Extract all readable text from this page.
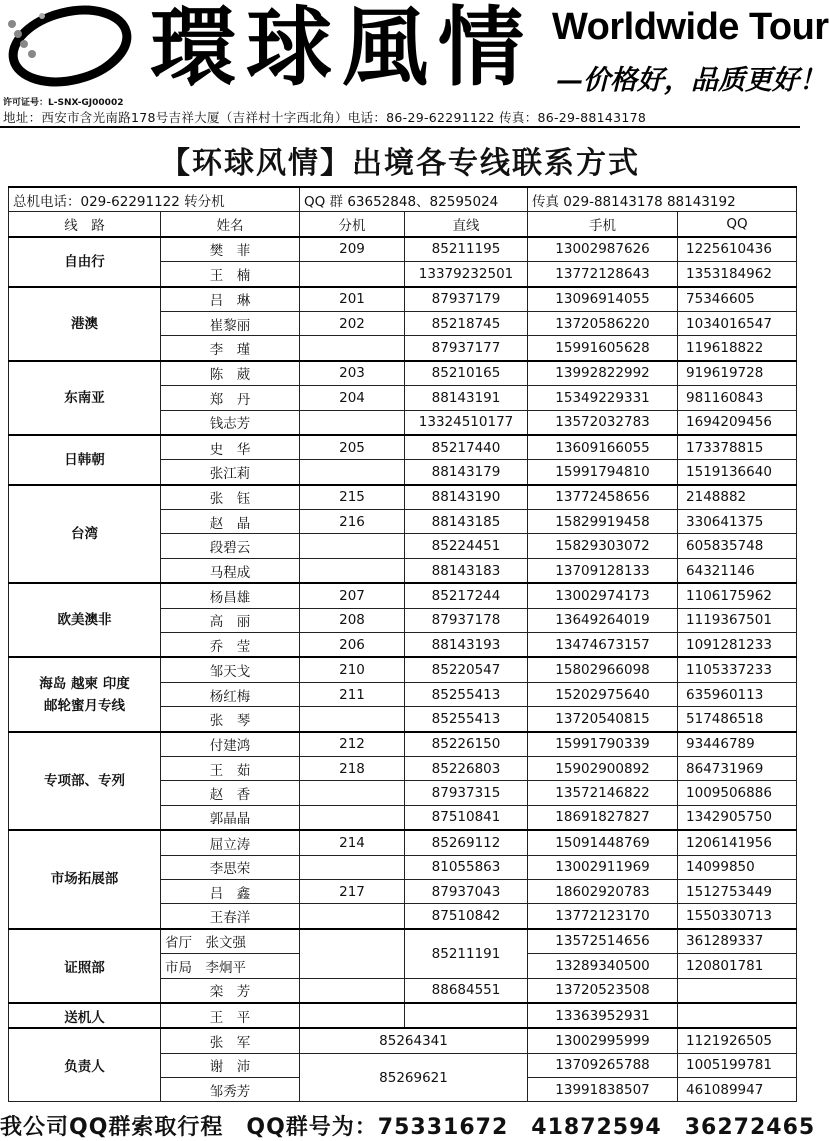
環球風情 Worldwide Tour
—价格好，品质更好！
许可证号：L-SNX-GJ00002
地址：西安市含光南路178号吉祥大厦（吉祥村十字西北角）电话：86-29-62291122 传真：86-29-88143178
【环球风情】出境各专线联系方式
总机电话：029-62291122 转分机		QQ 群 63652848、82595024		传真 029-88143178 88143192	
线　路	姓名	分机	直线	手机	QQ
自由行	樊　菲	209	85211195	13002987626	1225610436
	王　楠		13379232501	13772128643	1353184962
港澳	吕　琳	201	87937179	13096914055	75346605
	崔黎丽	202	85218745	13720586220	1034016547
	李　瑾		87937177	15991605628	119618822
东南亚	陈　葳	203	85210165	13992822992	919619728
	郑　丹	204	88143191	15349229331	981160843
	钱志芳		13324510177	13572032783	1694209456
日韩朝	史　华	205	85217440	13609166055	173378815
	张江莉		88143179	15991794810	1519136640
台湾	张　钰	215	88143190	13772458656	2148882
	赵　晶	216	88143185	15829919458	330641375
	段碧云		85224451	15829303072	605835748
	马程成		88143183	13709128133	64321146
欧美澳非	杨昌雄	207	85217244	13002974173	1106175962
	高　丽	208	87937178	13649264019	1119367501
	乔　莹	206	88143193	13474673157	1091281233
海岛 越柬 印度
邮轮蜜月专线	邹天戈	210	85220547	15802966098	1105337233
	杨红梅	211	85255413	15202975640	635960113
	张　琴		85255413	13720540815	517486518
专项部、专列	付建鸿	212	85226150	15991790339	93446789
	王　茹	218	85226803	15902900892	864731969
	赵　香		87937315	13572146822	1009506886
	郭晶晶		87510841	18691827827	1342905750
市场拓展部	屈立涛	214	85269112	15091448769	1206141956
	李思荣		81055863	13002911969	14099850
	吕　鑫	217	87937043	18602920783	1512753449
	王春洋		87510842	13772123170	1550330713
证照部	省厅　张文强		85211191	13572514656	361289337
	市局　李炯平			13289340500	120801781
	栾　芳		88684551	13720523508	
送机人	王　平			13363952931	
负责人	张　军	85264341		13002995999	1121926505
	谢　沛	85269621		13709265788	1005199781
	邹秀芳			13991838507	461089947
我公司QQ群索取行程　QQ群号为：75331672　41872594　36272465
